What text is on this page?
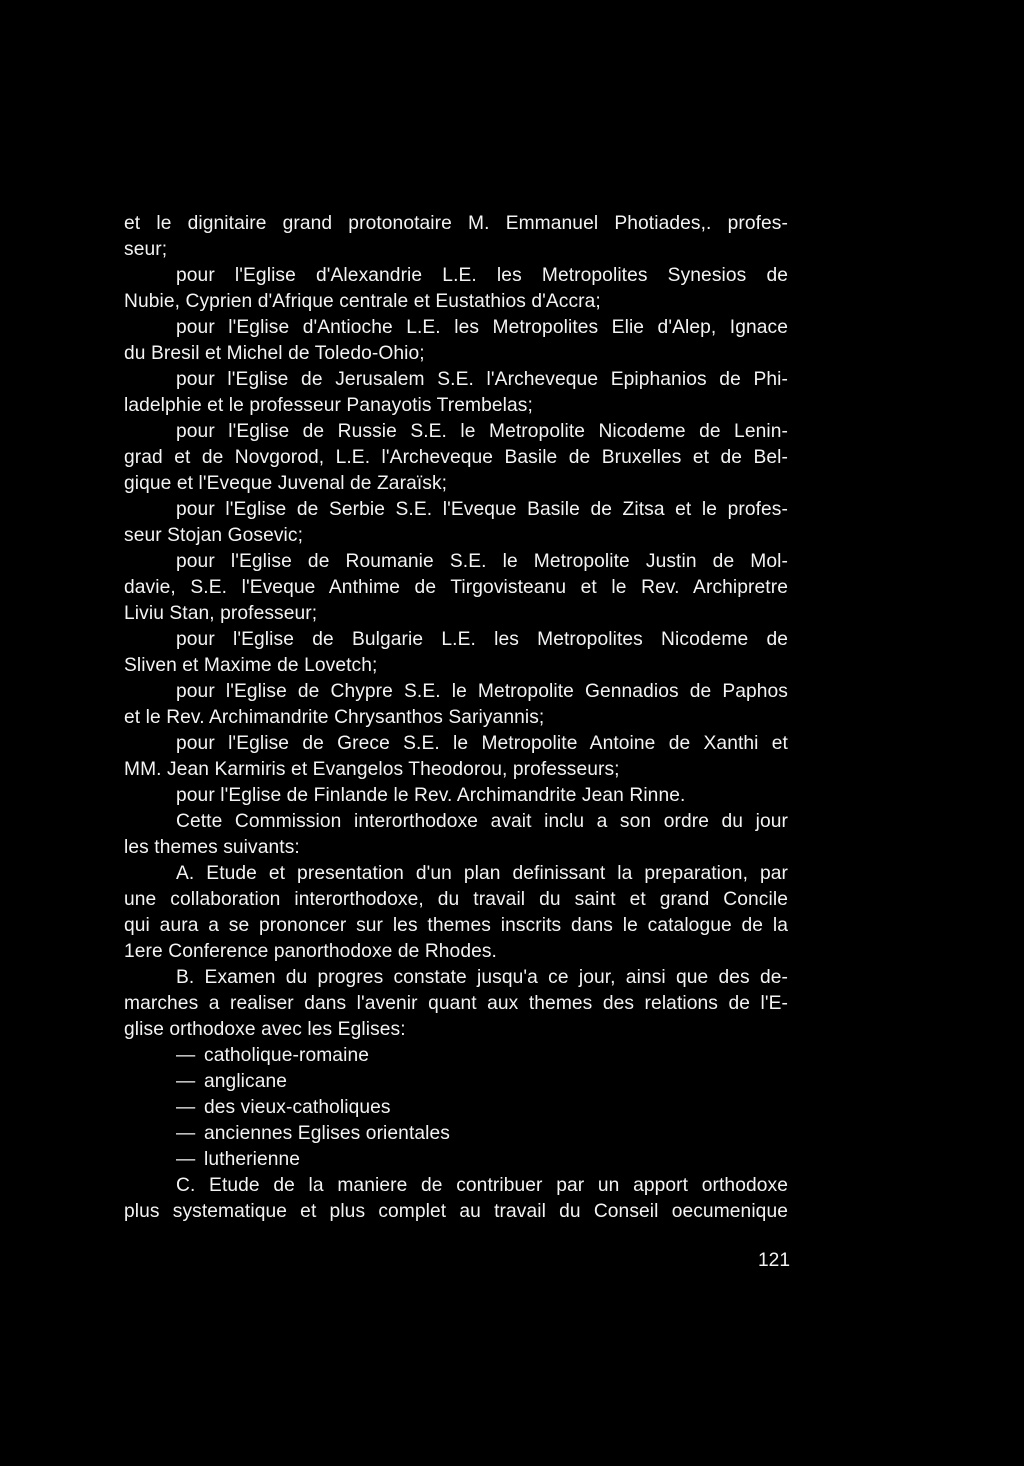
et le dignitaire grand protonotaire M. Emmanuel Photiades,. profes-
seur;
pour l'Eglise d'Alexandrie L.E. les Metropolites Synesios de
Nubie, Cyprien d'Afrique centrale et Eustathios d'Accra;
pour l'Eglise d'Antioche L.E. les Metropolites Elie d'Alep, Ignace
du Bresil et Michel de Toledo-Ohio;
pour l'Eglise de Jerusalem S.E. l'Archeveque Epiphanios de Phi-
ladelphie et le professeur Panayotis Trembelas;
pour l'Eglise de Russie S.E. le Metropolite Nicodeme de Lenin-
grad et de Novgorod, L.E. l'Archeveque Basile de Bruxelles et de Bel-
gique et l'Eveque Juvenal de Zaraïsk;
pour l'Eglise de Serbie S.E. l'Eveque Basile de Zitsa et le profes-
seur Stojan Gosevic;
pour l'Eglise de Roumanie S.E. le Metropolite Justin de Mol-
davie, S.E. l'Eveque Anthime de Tirgovisteanu et le Rev. Archipretre
Liviu Stan, professeur;
pour l'Eglise de Bulgarie L.E. les Metropolites Nicodeme de
Sliven et Maxime de Lovetch;
pour l'Eglise de Chypre S.E. le Metropolite Gennadios de Paphos
et le Rev. Archimandrite Chrysanthos Sariyannis;
pour l'Eglise de Grece S.E. le Metropolite Antoine de Xanthi et
MM. Jean Karmiris et Evangelos Theodorou, professeurs;
pour l'Eglise de Finlande le Rev. Archimandrite Jean Rinne.
Cette Commission interorthodoxe avait inclu a son ordre du jour
les themes suivants:
A. Etude et presentation d'un plan definissant la preparation, par
une collaboration interorthodoxe, du travail du saint et grand Concile
qui aura a se prononcer sur les themes inscrits dans le catalogue de la
1ere Conference panorthodoxe de Rhodes.
B. Examen du progres constate jusqu'a ce jour, ainsi que des de-
marches a realiser dans l'avenir quant aux themes des relations de l'E-
glise orthodoxe avec les Eglises:
— catholique-romaine
— anglicane
— des vieux-catholiques
— anciennes Eglises orientales
— lutherienne
C. Etude de la maniere de contribuer par un apport orthodoxe
plus systematique et plus complet au travail du Conseil oecumenique
121
